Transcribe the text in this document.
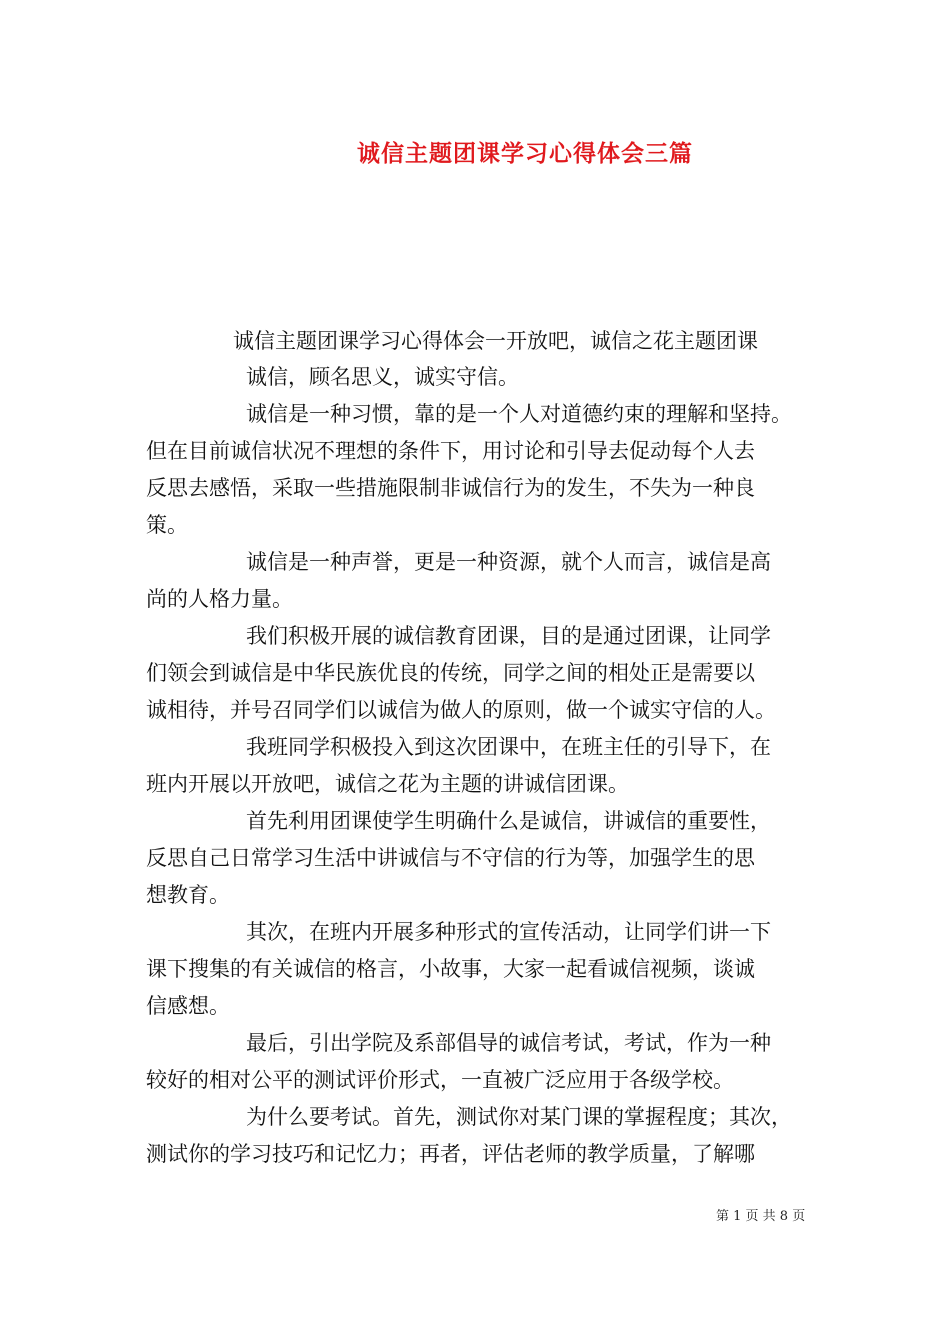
诚信主题团课学习心得体会三篇
诚信主题团课学习心得体会一开放吧，诚信之花主题团课
诚信，顾名思义，诚实守信。
诚信是一种习惯，靠的是一个人对道德约束的理解和坚持。
但在目前诚信状况不理想的条件下，用讨论和引导去促动每个人去
反思去感悟，采取一些措施限制非诚信行为的发生，不失为一种良
策。
诚信是一种声誉，更是一种资源，就个人而言，诚信是高
尚的人格力量。
我们积极开展的诚信教育团课，目的是通过团课，让同学
们领会到诚信是中华民族优良的传统，同学之间的相处正是需要以
诚相待，并号召同学们以诚信为做人的原则，做一个诚实守信的人。
我班同学积极投入到这次团课中，在班主任的引导下，在
班内开展以开放吧，诚信之花为主题的讲诚信团课。
首先利用团课使学生明确什么是诚信，讲诚信的重要性，
反思自己日常学习生活中讲诚信与不守信的行为等，加强学生的思
想教育。
其次，在班内开展多种形式的宣传活动，让同学们讲一下
课下搜集的有关诚信的格言，小故事，大家一起看诚信视频，谈诚
信感想。
最后，引出学院及系部倡导的诚信考试，考试，作为一种
较好的相对公平的测试评价形式，一直被广泛应用于各级学校。
为什么要考试。首先，测试你对某门课的掌握程度；其次，
测试你的学习技巧和记忆力；再者，评估老师的教学质量，了解哪
第 1 页 共 8 页
